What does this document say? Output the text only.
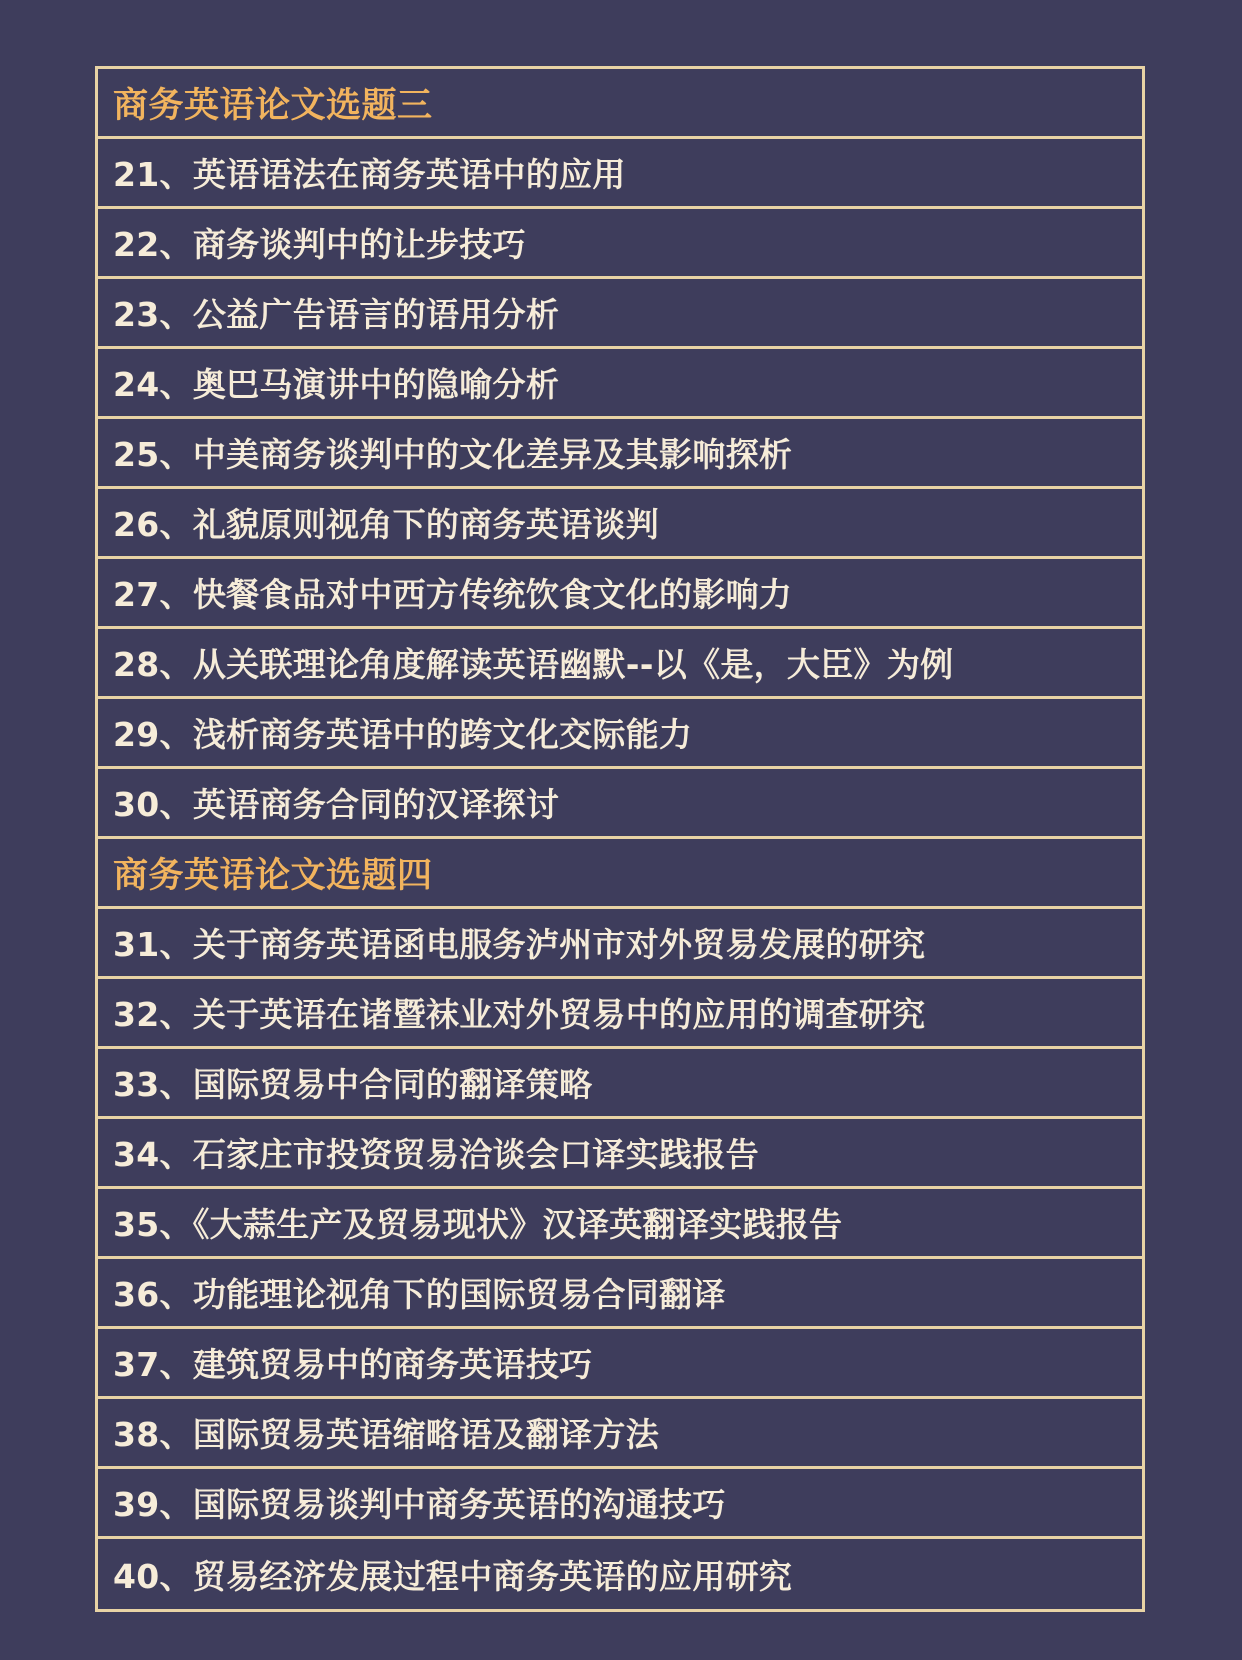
商务英语论文选题三
21、英语语法在商务英语中的应用
22、商务谈判中的让步技巧
23、公益广告语言的语用分析
24、奥巴马演讲中的隐喻分析
25、中美商务谈判中的文化差异及其影响探析
26、礼貌原则视角下的商务英语谈判
27、快餐食品对中西方传统饮食文化的影响力
28、从关联理论角度解读英语幽默--以《是，大臣》为例
29、浅析商务英语中的跨文化交际能力
30、英语商务合同的汉译探讨
商务英语论文选题四
31、关于商务英语函电服务泸州市对外贸易发展的研究
32、关于英语在诸暨袜业对外贸易中的应用的调查研究
33、国际贸易中合同的翻译策略
34、石家庄市投资贸易洽谈会口译实践报告
35、《大蒜生产及贸易现状》汉译英翻译实践报告
36、功能理论视角下的国际贸易合同翻译
37、建筑贸易中的商务英语技巧
38、国际贸易英语缩略语及翻译方法
39、国际贸易谈判中商务英语的沟通技巧
40、贸易经济发展过程中商务英语的应用研究
